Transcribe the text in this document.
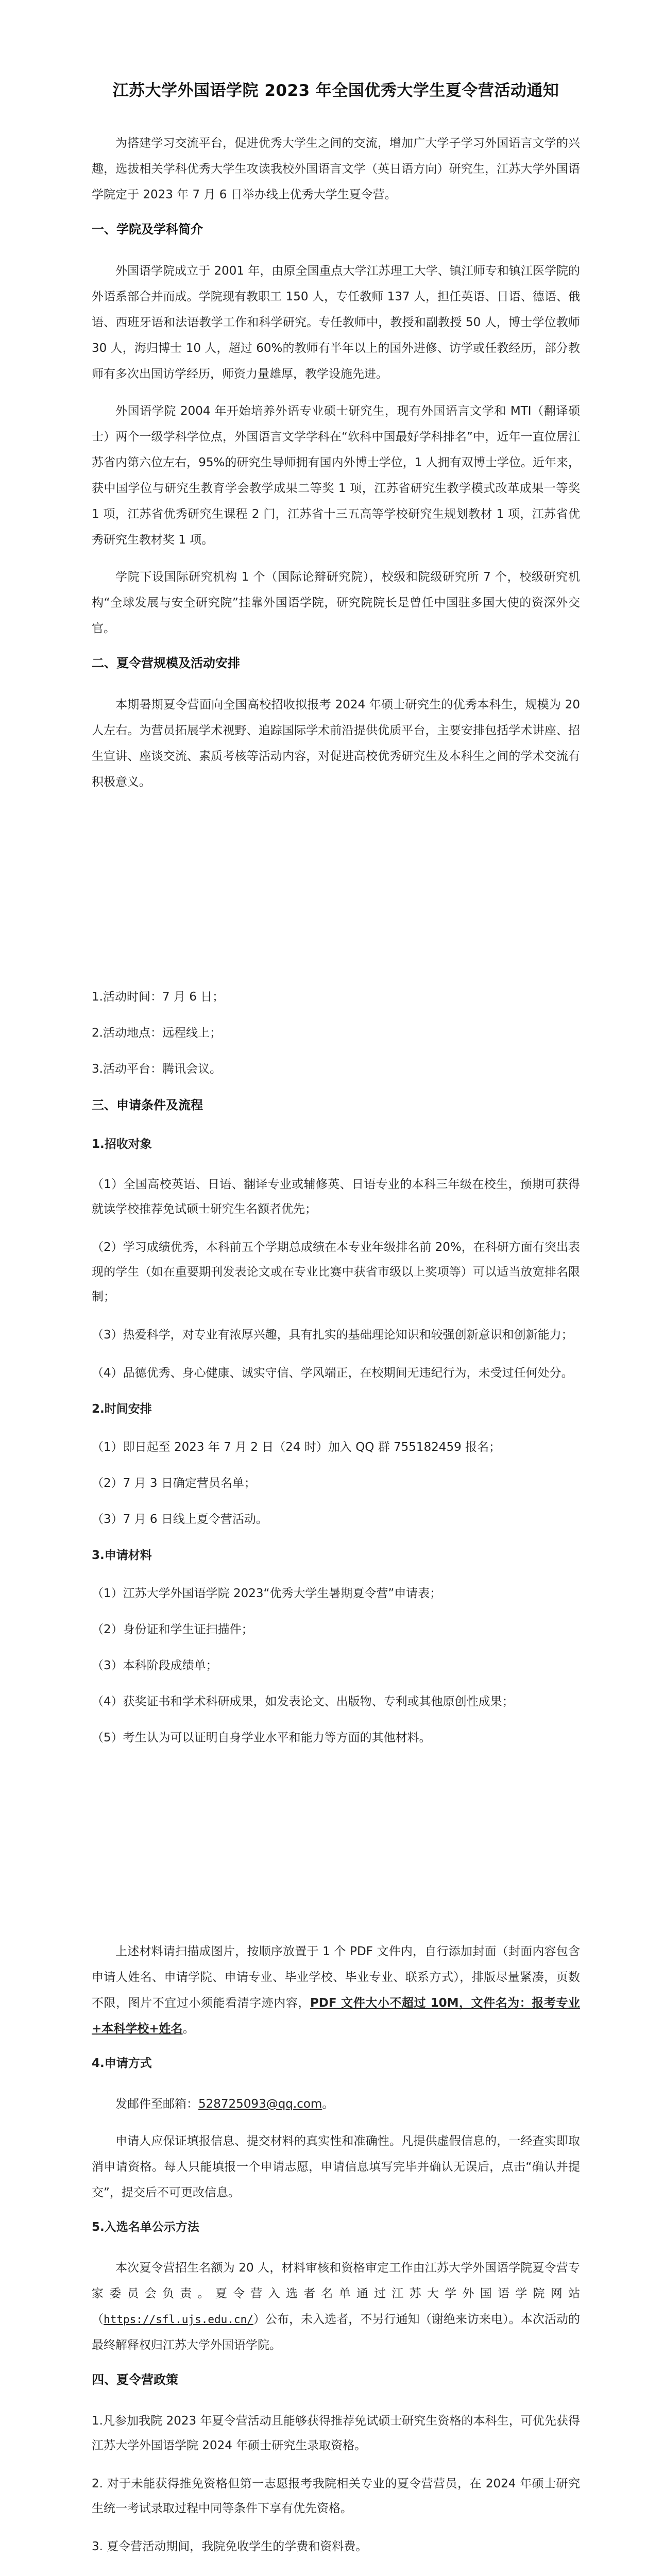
江苏大学外国语学院 2023 年全国优秀大学生夏令营活动通知

为搭建学习交流平台，促进优秀大学生之间的交流，增加广大学子学习外国语言文学的兴趣，选拔相关学科优秀大学生攻读我校外国语言文学（英日语方向）研究生，江苏大学外国语学院定于 2023 年 7 月 6 日举办线上优秀大学生夏令营。

一、学院及学科简介

外国语学院成立于 2001 年，由原全国重点大学江苏理工大学、镇江师专和镇江医学院的外语系部合并而成。学院现有教职工 150 人，专任教师 137 人，担任英语、日语、德语、俄语、西班牙语和法语教学工作和科学研究。专任教师中，教授和副教授 50 人，博士学位教师 30 人，海归博士 10 人，超过 60%的教师有半年以上的国外进修、访学或任教经历，部分教师有多次出国访学经历，师资力量雄厚，教学设施先进。

外国语学院 2004 年开始培养外语专业硕士研究生，现有外国语言文学和 MTI（翻译硕士）两个一级学科学位点，外国语言文学学科在“软科中国最好学科排名”中，近年一直位居江苏省内第六位左右，95%的研究生导师拥有国内外博士学位，1 人拥有双博士学位。近年来，获中国学位与研究生教育学会教学成果二等奖 1 项，江苏省研究生教学模式改革成果一等奖 1 项，江苏省优秀研究生课程 2 门，江苏省十三五高等学校研究生规划教材 1 项，江苏省优秀研究生教材奖 1 项。

学院下设国际研究机构 1 个（国际论辩研究院），校级和院级研究所 7 个，校级研究机构“全球发展与安全研究院”挂靠外国语学院，研究院院长是曾任中国驻多国大使的资深外交官。

二、夏令营规模及活动安排

本期暑期夏令营面向全国高校招收拟报考 2024 年硕士研究生的优秀本科生，规模为 20 人左右。为营员拓展学术视野、追踪国际学术前沿提供优质平台，主要安排包括学术讲座、招生宣讲、座谈交流、素质考核等活动内容，对促进高校优秀研究生及本科生之间的学术交流有积极意义。

1.活动时间：7 月 6 日；

2.活动地点：远程线上；

3.活动平台：腾讯会议。

三、申请条件及流程
1.招收对象

（1）全国高校英语、日语、翻译专业或辅修英、日语专业的本科三年级在校生，预期可获得就读学校推荐免试硕士研究生名额者优先；

（2）学习成绩优秀，本科前五个学期总成绩在本专业年级排名前 20%，在科研方面有突出表现的学生（如在重要期刊发表论文或在专业比赛中获省市级以上奖项等）可以适当放宽排名限制；

（3）热爱科学，对专业有浓厚兴趣，具有扎实的基础理论知识和较强创新意识和创新能力；

（4）品德优秀、身心健康、诚实守信、学风端正，在校期间无违纪行为，未受过任何处分。

2.时间安排

（1）即日起至 2023 年 7 月 2 日（24 时）加入 QQ 群 755182459 报名；

（2）7 月 3 日确定营员名单；

（3）7 月 6 日线上夏令营活动。

3.申请材料

（1）江苏大学外国语学院 2023“优秀大学生暑期夏令营”申请表；

（2）身份证和学生证扫描件；

（3）本科阶段成绩单；

（4）获奖证书和学术科研成果，如发表论文、出版物、专利或其他原创性成果；

（5）考生认为可以证明自身学业水平和能力等方面的其他材料。

上述材料请扫描成图片，按顺序放置于 1 个 PDF 文件内，自行添加封面（封面内容包含申请人姓名、申请学院、申请专业、毕业学校、毕业专业、联系方式），排版尽量紧凑，页数不限，图片不宜过小须能看清字迹内容，PDF 文件大小不超过 10M，文件名为：报考专业+本科学校+姓名。

4.申请方式

发邮件至邮箱：528725093@qq.com。

申请人应保证填报信息、提交材料的真实性和准确性。凡提供虚假信息的，一经查实即取消申请资格。每人只能填报一个申请志愿，申请信息填写完毕并确认无误后，点击“确认并提交”，提交后不可更改信息。

5.入选名单公示方法

本次夏令营招生名额为 20 人，材料审核和资格审定工作由江苏大学外国语学院夏令营专家委员会负责。夏令营入选者名单通过江苏大学外国语学院网站（https://sfl.ujs.edu.cn/）公布，未入选者，不另行通知（谢绝来访来电）。本次活动的最终解释权归江苏大学外国语学院。

四、夏令营政策

1.凡参加我院 2023 年夏令营活动且能够获得推荐免试硕士研究生资格的本科生，可优先获得江苏大学外国语学院 2024 年硕士研究生录取资格。

2. 对于未能获得推免资格但第一志愿报考我院相关专业的夏令营营员，在 2024 年硕士研究生统一考试录取过程中同等条件下享有优先资格。

3. 夏令营活动期间，我院免收学生的学费和资料费。
